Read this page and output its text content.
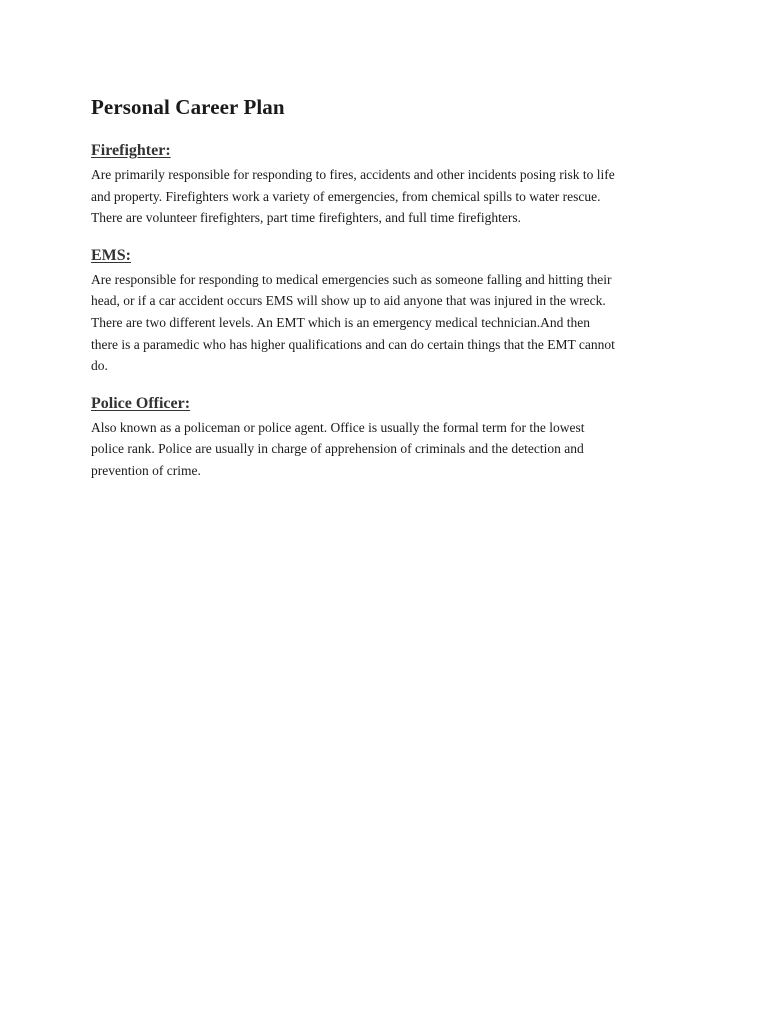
Personal Career Plan
Firefighter:

Are primarily responsible for responding to fires, accidents and other incidents posing risk to life
and property. Firefighters work a variety of emergencies, from chemical spills to water rescue.
There are volunteer firefighters, part time firefighters, and full time firefighters.

EMS:

Are responsible for responding to medical emergencies such as someone falling and hitting their
head, or if a car accident occurs EMS will show up to aid anyone that was injured in the wreck.
There are two different levels. An EMT which is an emergency medical technician.And then
there is a paramedic who has higher qualifications and can do certain things that the EMT cannot
do.

Police Officer:

Also known as a policeman or police agent. Office is usually the formal term for the lowest
police rank. Police are usually in charge of apprehension of criminals and the detection and
prevention of crime.
